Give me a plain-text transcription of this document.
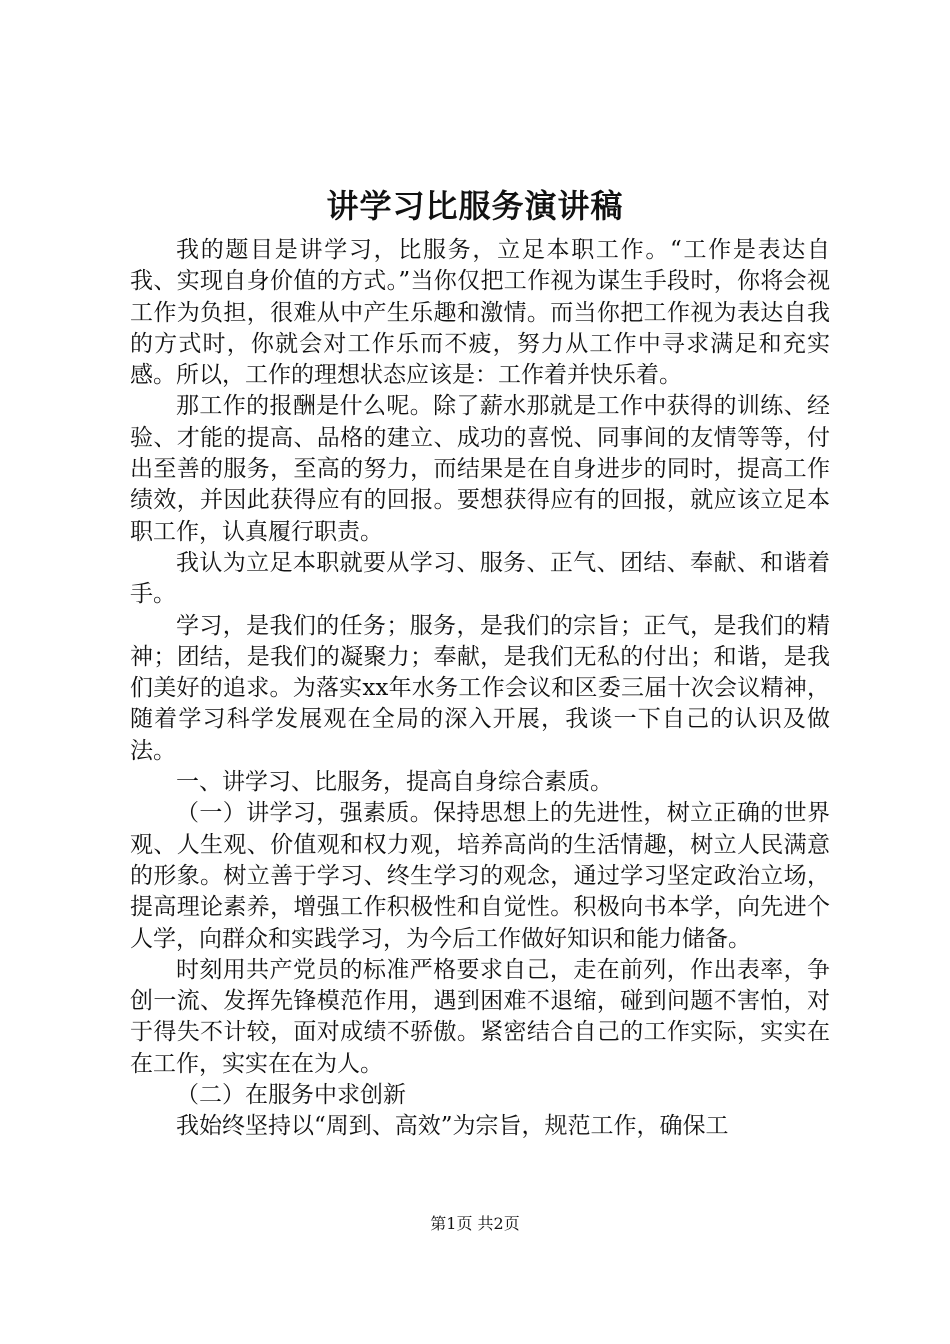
讲学习比服务演讲稿

我的题目是讲学习，比服务，立足本职工作。“工作是表达自我、实现自身价值的方式。”当你仅把工作视为谋生手段时，你将会视工作为负担，很难从中产生乐趣和激情。而当你把工作视为表达自我的方式时，你就会对工作乐而不疲，努力从工作中寻求满足和充实感。所以，工作的理想状态应该是：工作着并快乐着。

那工作的报酬是什么呢。除了薪水那就是工作中获得的训练、经验、才能的提高、品格的建立、成功的喜悦、同事间的友情等等，付出至善的服务，至高的努力，而结果是在自身进步的同时，提高工作绩效，并因此获得应有的回报。要想获得应有的回报，就应该立足本职工作，认真履行职责。

我认为立足本职就要从学习、服务、正气、团结、奉献、和谐着手。

学习，是我们的任务；服务，是我们的宗旨；正气，是我们的精神；团结，是我们的凝聚力；奉献，是我们无私的付出；和谐，是我们美好的追求。为落实xx年水务工作会议和区委三届十次会议精神，随着学习科学发展观在全局的深入开展，我谈一下自己的认识及做法。

一、讲学习、比服务，提高自身综合素质。

（一）讲学习，强素质。保持思想上的先进性，树立正确的世界观、人生观、价值观和权力观，培养高尚的生活情趣，树立人民满意的形象。树立善于学习、终生学习的观念，通过学习坚定政治立场，提高理论素养，增强工作积极性和自觉性。积极向书本学，向先进个人学，向群众和实践学习，为今后工作做好知识和能力储备。

时刻用共产党员的标准严格要求自己，走在前列，作出表率，争创一流、发挥先锋模范作用，遇到困难不退缩，碰到问题不害怕，对于得失不计较，面对成绩不骄傲。紧密结合自己的工作实际，实实在在工作，实实在在为人。

（二）在服务中求创新

我始终坚持以“周到、高效”为宗旨，规范工作，确保工

第1页 共2页
